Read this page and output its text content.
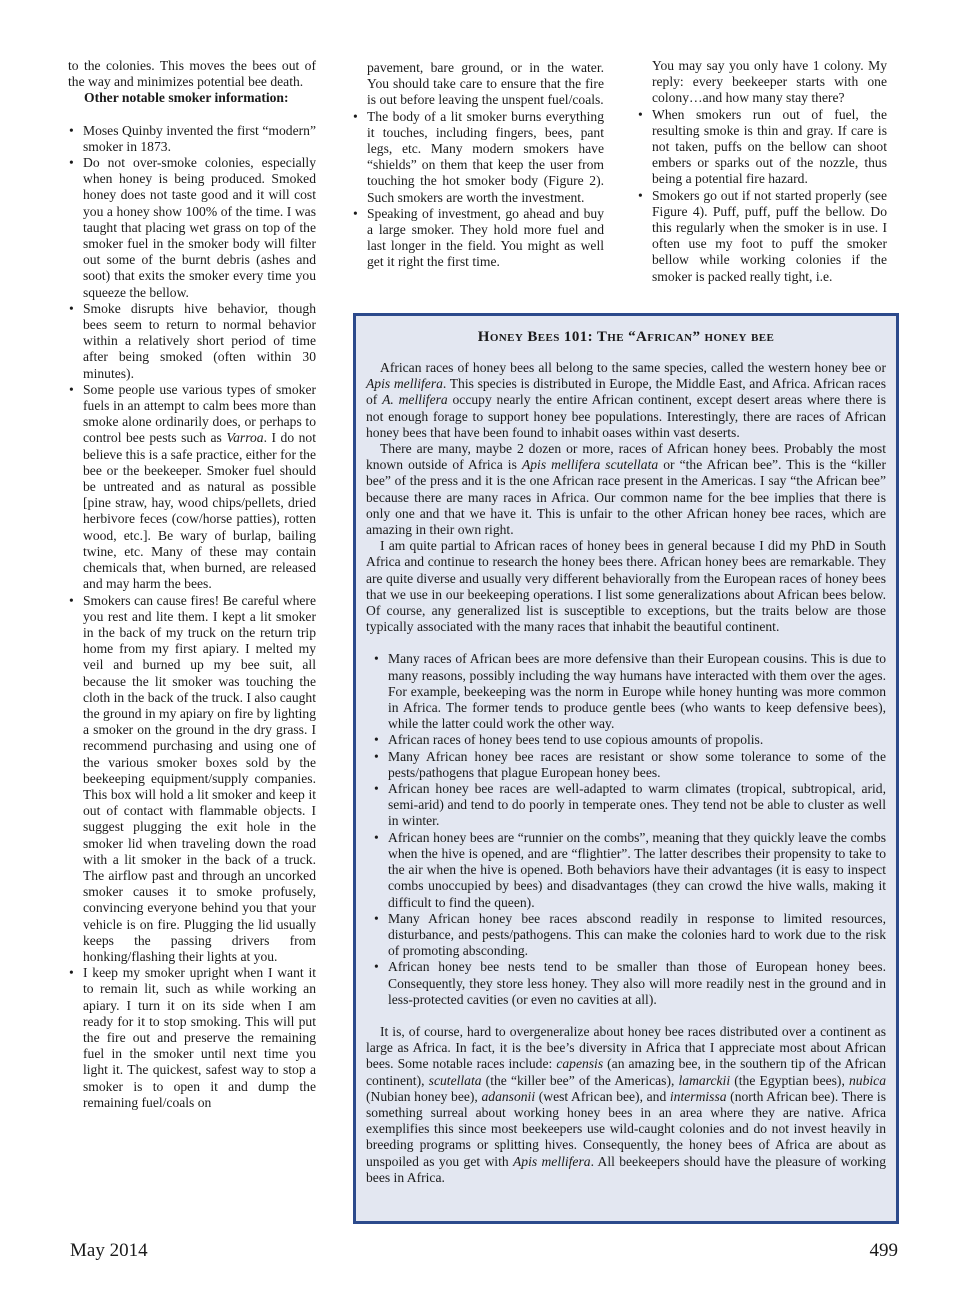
to the colonies. This moves the bees out of the way and minimizes potential bee death.

Other notable smoker information:

• Moses Quinby invented the first “modern” smoker in 1873.
• Do not over-smoke colonies, especially when honey is being produced. Smoked honey does not taste good and it will cost you a honey show 100% of the time. I was taught that placing wet grass on top of the smoker fuel in the smoker body will filter out some of the burnt debris (ashes and soot) that exits the smoker every time you squeeze the bellow.
• Smoke disrupts hive behavior, though bees seem to return to normal behavior within a relatively short period of time after being smoked (often within 30 minutes).
• Some people use various types of smoker fuels in an attempt to calm bees more than smoke alone ordinarily does, or perhaps to control bee pests such as Varroa. I do not believe this is a safe practice, either for the bee or the beekeeper. Smoker fuel should be untreated and as natural as possible [pine straw, hay, wood chips/pellets, dried herbivore feces (cow/horse patties), rotten wood, etc.]. Be wary of burlap, bailing twine, etc. Many of these may contain chemicals that, when burned, are released and may harm the bees.
• Smokers can cause fires! Be careful where you rest and lite them. I kept a lit smoker in the back of my truck on the return trip home from my first apiary. I melted my veil and burned up my bee suit, all because the lit smoker was touching the cloth in the back of the truck. I also caught the ground in my apiary on fire by lighting a smoker on the ground in the dry grass. I recommend purchasing and using one of the various smoker boxes sold by the beekeeping equipment/supply companies. This box will hold a lit smoker and keep it out of contact with flammable objects. I suggest plugging the exit hole in the smoker lid when traveling down the road with a lit smoker in the back of a truck. The airflow past and through an uncorked smoker causes it to smoke profusely, convincing everyone behind you that your vehicle is on fire. Plugging the lid usually keeps the passing drivers from honking/flashing their lights at you.
• I keep my smoker upright when I want it to remain lit, such as while working an apiary. I turn it on its side when I am ready for it to stop smoking. This will put the fire out and preserve the remaining fuel in the smoker until next time you light it. The quickest, safest way to stop a smoker is to open it and dump the remaining fuel/coals on

pavement, bare ground, or in the water. You should take care to ensure that the fire is out before leaving the unspent fuel/coals.

• The body of a lit smoker burns everything it touches, including fingers, bees, pant legs, etc. Many modern smokers have “shields” on them that keep the user from touching the hot smoker body (Figure 2). Such smokers are worth the investment.
• Speaking of investment, go ahead and buy a large smoker. They hold more fuel and last longer in the field. You might as well get it right the first time.

You may say you only have 1 colony. My reply: every beekeeper starts with one colony…and how many stay there?

• When smokers run out of fuel, the resulting smoke is thin and gray. If care is not taken, puffs on the bellow can shoot embers or sparks out of the nozzle, thus being a potential fire hazard.
• Smokers go out if not started properly (see Figure 4). Puff, puff, puff the bellow. Do this regularly when the smoker is in use. I often use my foot to puff the smoker bellow while working colonies if the smoker is packed really tight, i.e.
Honey Bees 101: The “African” honey bee

African races of honey bees all belong to the same species, called the western honey bee or Apis mellifera. This species is distributed in Europe, the Middle East, and Africa. African races of A. mellifera occupy nearly the entire African continent, except desert areas where there is not enough forage to support honey bee populations. Interestingly, there are races of African honey bees that have been found to inhabit oases within vast deserts.

There are many, maybe 2 dozen or more, races of African honey bees. Probably the most known outside of Africa is Apis mellifera scutellata or “the African bee”. This is the “killer bee” of the press and it is the one African race present in the Americas. I say “the African bee” because there are many races in Africa. Our common name for the bee implies that there is only one and that we have it. This is unfair to the other African honey bee races, which are amazing in their own right.

I am quite partial to African races of honey bees in general because I did my PhD in South Africa and continue to research the honey bees there. African honey bees are remarkable. They are quite diverse and usually very different behaviorally from the European races of honey bees that we use in our beekeeping operations. I list some generalizations about African bees below. Of course, any generalized list is susceptible to exceptions, but the traits below are those typically associated with the many races that inhabit the beautiful continent.

• Many races of African bees are more defensive than their European cousins. This is due to many reasons, possibly including the way humans have interacted with them over the ages. For example, beekeeping was the norm in Europe while honey hunting was more common in Africa. The former tends to produce gentle bees (who wants to keep defensive bees), while the latter could work the other way.
• African races of honey bees tend to use copious amounts of propolis.
• Many African honey bee races are resistant or show some tolerance to some of the pests/pathogens that plague European honey bees.
• African honey bee races are well-adapted to warm climates (tropical, subtropical, arid, semi-arid) and tend to do poorly in temperate ones. They tend not be able to cluster as well in winter.
• African honey bees are “runnier on the combs”, meaning that they quickly leave the combs when the hive is opened, and are “flightier”. The latter describes their propensity to take to the air when the hive is opened. Both behaviors have their advantages (it is easy to inspect combs unoccupied by bees) and disadvantages (they can crowd the hive walls, making it difficult to find the queen).
• Many African honey bee races abscond readily in response to limited resources, disturbance, and pests/pathogens. This can make the colonies hard to work due to the risk of promoting absconding.
• African honey bee nests tend to be smaller than those of European honey bees. Consequently, they store less honey. They also will more readily nest in the ground and in less-protected cavities (or even no cavities at all).

It is, of course, hard to overgeneralize about honey bee races distributed over a continent as large as Africa. In fact, it is the bee’s diversity in Africa that I appreciate most about African bees. Some notable races include: capensis (an amazing bee, in the southern tip of the African continent), scutellata (the “killer bee” of the Americas), lamarckii (the Egyptian bees), nubica (Nubian honey bee), adansonii (west African bee), and intermissa (north African bee). There is something surreal about working honey bees in an area where they are native. Africa exemplifies this since most beekeepers use wild-caught colonies and do not invest heavily in breeding programs or splitting hives. Consequently, the honey bees of Africa are about as unspoiled as you get with Apis mellifera. All beekeepers should have the pleasure of working bees in Africa.

May 2014	499
